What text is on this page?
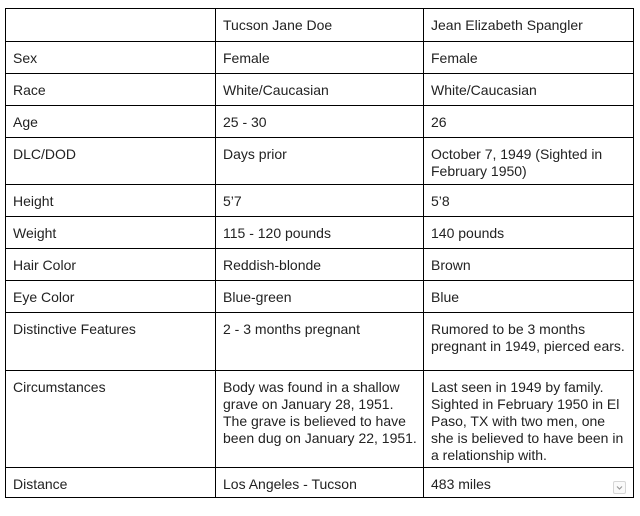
	Tucson Jane Doe	Jean Elizabeth Spangler
Sex	Female	Female
Race	White/Caucasian	White/Caucasian
Age	25 - 30	26
DLC/DOD	Days prior	October 7, 1949 (Sighted in February 1950)
Height	5’7	5’8
Weight	115 - 120 pounds	140 pounds
Hair Color	Reddish-blonde	Brown
Eye Color	Blue-green	Blue
Distinctive Features	2 - 3 months pregnant	Rumored to be 3 months pregnant in 1949, pierced ears.
Circumstances	Body was found in a shallow grave on January 28, 1951. The grave is believed to have been dug on January 22, 1951.	Last seen in 1949 by family. Sighted in February 1950 in El Paso, TX with two men, one she is believed to have been in a relationship with.
Distance	Los Angeles - Tucson	483 miles
